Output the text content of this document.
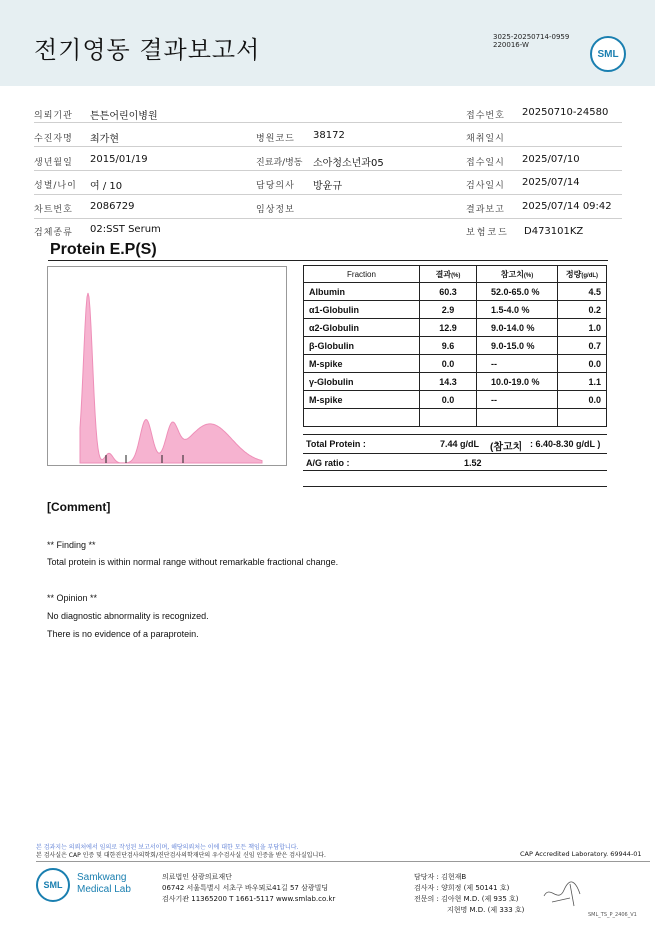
전기영동 결과보고서	3025-20250714-0959
220016-W
SML
의뢰기관 튼튼어린이병원	접수번호 20250710-24580
수진자명 최가현	병원코드 38172	채취일시
생년월일 2015/01/19	진료과/병동 소아청소년과05	접수일시 2025/07/10
성별/나이 여 / 10	담당의사 방윤규	검사일시 2025/07/14
차트번호 2086729	임상정보	결과보고 2025/07/14 09:42
검체종류 02:SST Serum	보험코드 D473101KZ
Protein E.P(S)
Fraction	결과(%)	참고치(%)	정량(g/dL)
Albumin	60.3	52.0-65.0 %	4.5
α1-Globulin	2.9	1.5-4.0 %	0.2
α2-Globulin	12.9	9.0-14.0 %	1.0
β-Globulin	9.6	9.0-15.0 %	0.7
M-spike	0.0	--	0.0
γ-Globulin	14.3	10.0-19.0 %	1.1
M-spike	0.0	--	0.0

Total Protein :	7.44 g/dL (참고치 : 6.40-8.30 g/dL )
A/G ratio :	1.52
[Comment]
** Finding **
Total protein is within normal range without remarkable fractional change.
** Opinion **
No diagnostic abnormality is recognized.
There is no evidence of a paraprotein.
본 검과지는 의뢰처에서 임의로 작성된 보고서이며, 해당의뢰처는 이에 대한 모든 책임을 부담합니다.
본 검사실은 CAP 인증 및 대한진단검사의학회/진단검사의학재단의 우수검사실 신임 인증을 받은 검사실입니다.	CAP Accredited Laboratory. 69944-01
SML
Samkwang
Medical Lab
의료법인 삼광의료재단
06742 서울특별시 서초구 바우뫼로41길 57 삼광빌딩
검사기관 11365200 T 1661-5117 www.smlab.co.kr
담당자 : 김현재B
검사자 : 양희정 (제 50141 호)
전문의 : 김아현 M.D. (제 935 호)
지현명 M.D. (제 333 호)
SML_TS_P_2406_V1
